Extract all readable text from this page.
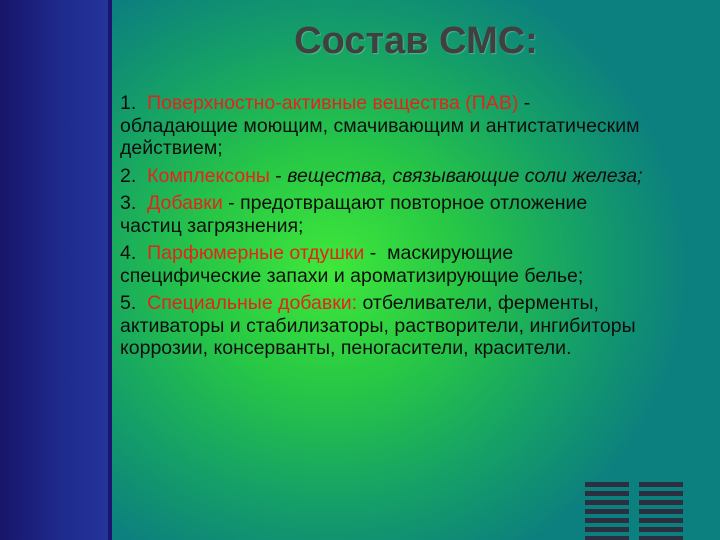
Состав СМС:
1. Поверхностно-активные вещества (ПАВ) - обладающие моющим, смачивающим и антистатическим действием;
2. Комплексоны - вещества, связывающие соли железа;
3. Добавки - предотвращают повторное отложение частиц загрязнения;
4. Парфюмерные отдушки -  маскирующие специфические запахи и ароматизирующие белье;
5. Специальные добавки: отбеливатели, ферменты, активаторы и стабилизаторы, растворители, ингибиторы коррозии, консерванты, пеногасители, красители.
